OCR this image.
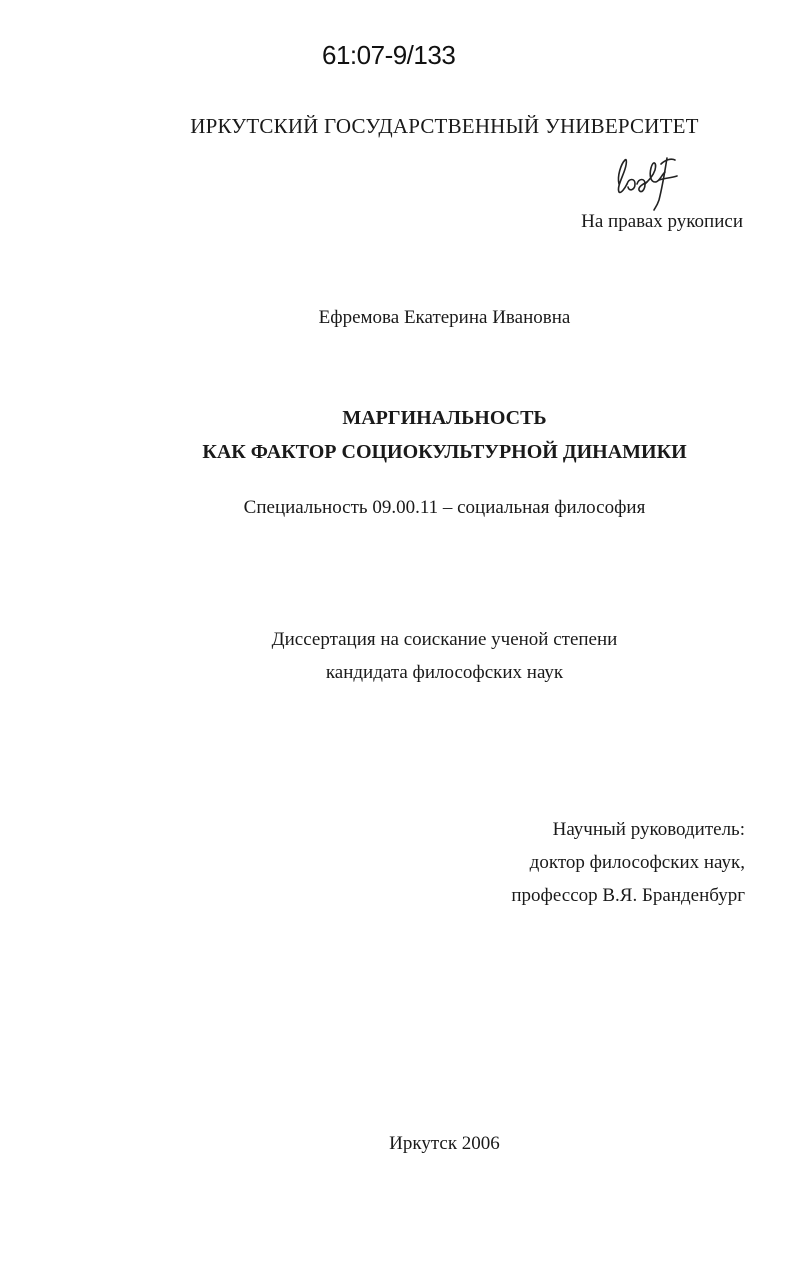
61:07-9/133
ИРКУТСКИЙ ГОСУДАРСТВЕННЫЙ УНИВЕРСИТЕТ
На правах рукописи
Ефремова Екатерина Ивановна
МАРГИНАЛЬНОСТЬ
КАК ФАКТОР СОЦИОКУЛЬТУРНОЙ ДИНАМИКИ
Специальность 09.00.11 – социальная философия
Диссертация на соискание ученой степени
кандидата философских наук
Научный руководитель:
доктор философских наук,
профессор В.Я. Бранденбург
Иркутск 2006
